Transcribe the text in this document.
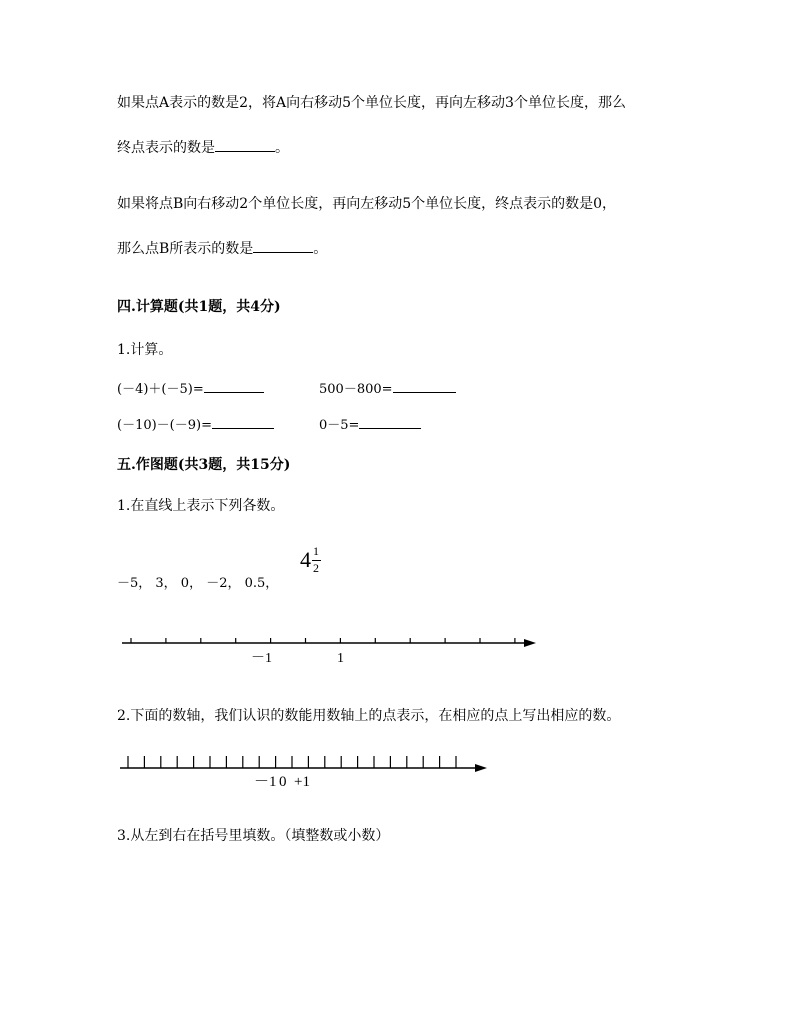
如果点A表示的数是2，将A向右移动5个单位长度，再向左移动3个单位长度，那么
终点表示的数是	。
如果将点B向右移动2个单位长度，再向左移动5个单位长度，终点表示的数是0，
那么点B所表示的数是	。
四.计算题(共1题，共4分)
1.计算。
(－4)＋(－5)=	500－800=
(－10)－(－9)=	0－5=
五.作图题(共3题，共15分)
1.在直线上表示下列各数。
－5， 3， 0， －2， 0.5，
4 1
2
－1	1
2.下面的数轴，我们认识的数能用数轴上的点表示，在相应的点上写出相应的数。
－1 0 +1
3.从左到右在括号里填数。（填整数或小数）
